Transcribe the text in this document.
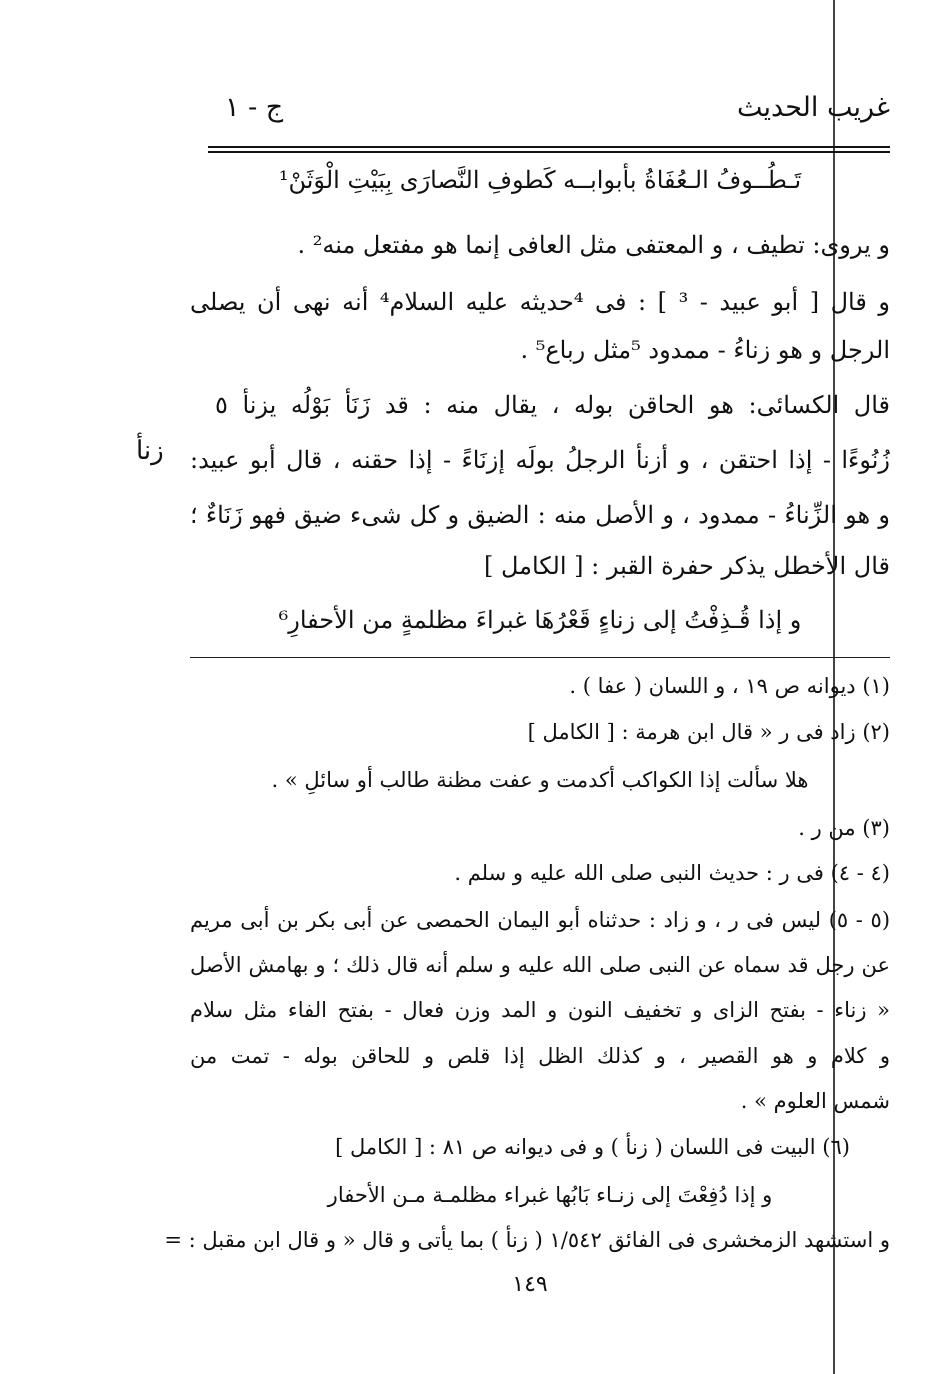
غريب الحديث
ج - ١
تَـطُــوفُ الـعُفَاةُ بأبوابــه كَطوفِ النَّصارَى بِبَيْتِ الْوَثَنْ¹
و يروى: تطيف ، و المعتفى مثل العافى إنما هو مفتعل منه² .
و قال [ أبو عبيد - ³ ] : فى ⁴حديثه عليه السلام⁴ أنه نهى أن يصلى
الرجل و هو زناءُ - ممدود ⁵مثل رباع⁵ .
قال الكسائى: هو الحاقن بوله ، يقال منه : قد زَنَأ بَوْلُه يزنأ ٥
زُنُوءًا - إذا احتقن ، و أزنأ الرجلُ بولَه إزنَاءً - إذا حقنه ، قال أبو عبيد:
و هو الزِّناءُ - ممدود ، و الأصل منه : الضيق و كل شىء ضيق فهو زَنَاءٌ ؛
قال الأخطل يذكر حفرة القبر : [ الكامل ]
و إذا قُـذِفْتُ إلى زناءٍ قَعْرُهَا غبراءَ مظلمةٍ من الأحفارِ⁶
زنأ
(١) ديوانه ص ١٩ ، و اللسان ( عفا ) .
(٢) زاد فى ر « قال ابن هرمة : [ الكامل ]
هلا سألت إذا الكواكب أكدمت و عفت مظنة طالب أو سائلِ » .
(٣) من ر .
(٤ - ٤) فى ر : حديث النبى صلى الله عليه و سلم .
(٥ - ٥) ليس فى ر ، و زاد : حدثناه أبو اليمان الحمصى عن أبى بكر بن أبى مريم
عن رجل قد سماه عن النبى صلى الله عليه و سلم أنه قال ذلك ؛ و بهامش الأصل
« زناء - بفتح الزاى و تخفيف النون و المد وزن فعال - بفتح الفاء مثل سلام
و كلام و هو القصير ، و كذلك الظل إذا قلص و للحاقن بوله - تمت من
شمس العلوم » .
(٦) البيت فى اللسان ( زنأ ) و فى ديوانه ص ٨١ : [ الكامل ]
و إذا دُفِعْتَ إلى زنـاء بَابُها غبراء مظلمـة مـن الأحفار
و استشهد الزمخشرى فى الفائق ١/٥٤٢ ( زنأ ) بما يأتى و قال « و قال ابن مقبل : =
١٤٩
